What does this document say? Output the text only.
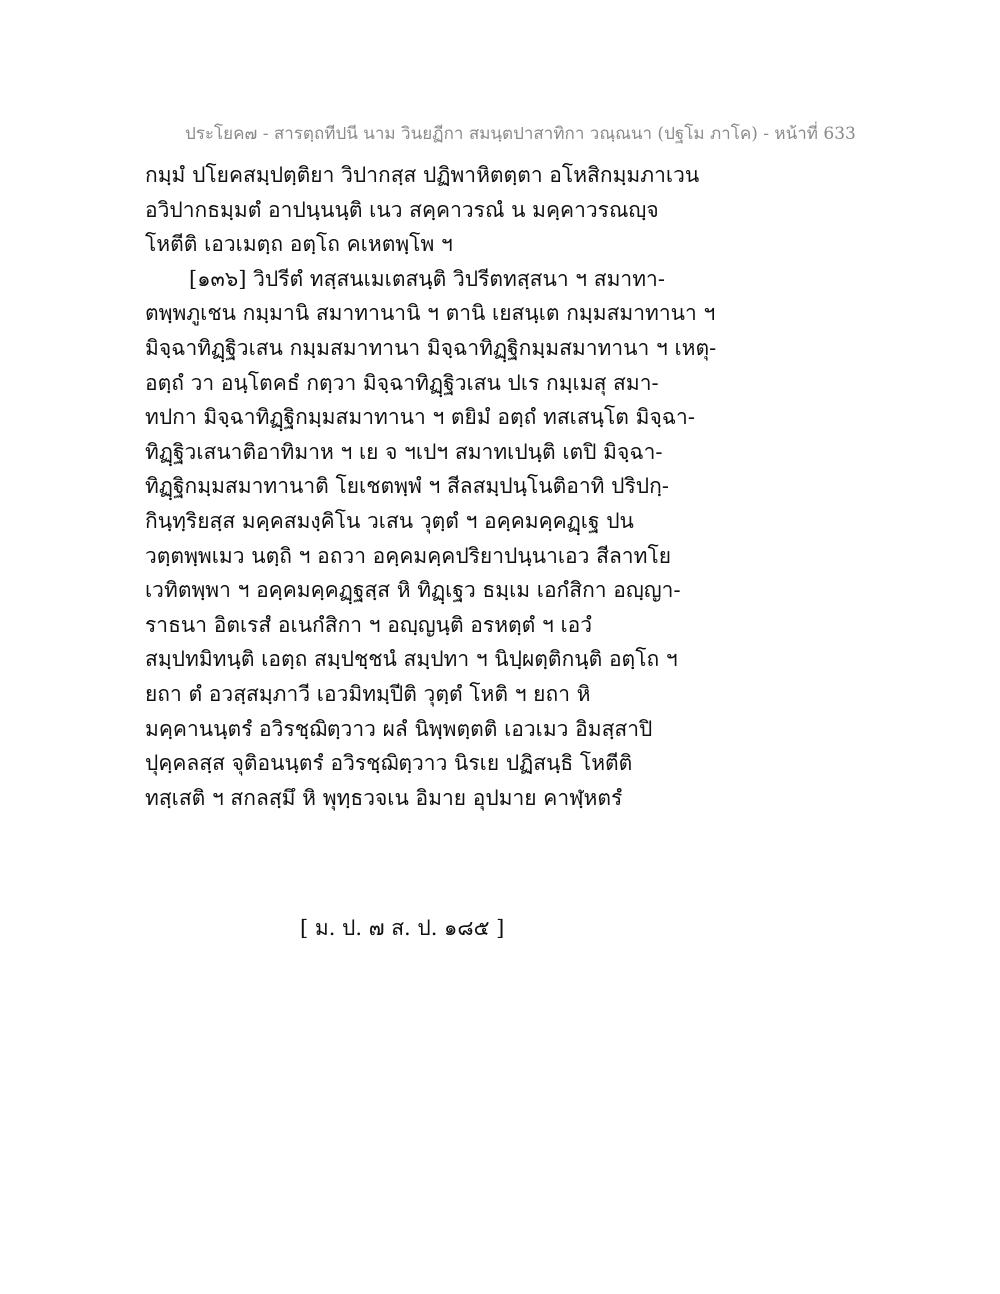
ประโยค๗ - สารตฺถทีปนี นาม วินยฏีกา สมนฺตปาสาทิกา วณฺณนา (ปฐโม ภาโค) - หน้าที่ 633
กมฺมํ ปโยคสมฺปตฺติยา วิปากสฺส ปฏิพาหิตตฺตา อโหสิกมฺมภาเวน
อวิปากธมฺมตํ อาปนฺนนฺติ เนว สคฺคาวรณํ น มคฺคาวรณญฺจ
โหตีติ เอวเมตฺถ อตฺโถ คเหตพฺโพ ฯ
[๑๓๖] วิปรีตํ ทสฺสนเมเตสนฺติ วิปรีตทสฺสนา ฯ สมาทา-
ตพฺพภูเชน กมฺมานิ สมาทานานิ ฯ ตานิ เยสนฺเต กมฺมสมาทานา ฯ
มิจฺฉาทิฏฺฐิวเสน กมฺมสมาทานา มิจฺฉาทิฏฺฐิกมฺมสมาทานา ฯ เหตุ-
อตฺถํ วา อนฺโตคธํ กตฺวา มิจฺฉาทิฏฺฐิวเสน ปเร กมฺเมสุ สมา-
ทปกา มิจฺฉาทิฏฺฐิกมฺมสมาทานา ฯ ตยิมํ อตฺถํ ทสเสนฺโต มิจฺฉา-
ทิฏฺฐิวเสนาติอาทิมาห ฯ เย จ ฯเปฯ สมาทเปนฺติ เตปิ มิจฺฉา-
ทิฏฺฐิกมฺมสมาทานาติ โยเชตพฺพํ ฯ สีลสมฺปนฺโนติอาทิ ปริปกฺ-
กินฺทฺริยสฺส มคฺคสมงฺคิโน วเสน วุตฺตํ ฯ อคฺคมคฺคฏฺเฐ ปน
วตฺตพฺพเมว นตฺถิ ฯ อถวา อคฺคมคฺคปริยาปนฺนาเอว สีลาทโย
เวทิตพฺพา ฯ อคฺคมคฺคฏฺฐสฺส หิ ทิฏฺเฐว ธมฺเม เอกํสิกา อญฺญา-
ราธนา อิตเรสํ อเนกํสิกา ฯ อญฺญนฺติ อรหตฺตํ ฯ เอวํ
สมฺปทมิทนฺติ เอตฺถ สมฺปชฺชนํ สมฺปทา ฯ นิปฺผตฺติกนฺติ อตฺโถ ฯ
ยถา ตํ อวสฺสมฺภาวี เอวมิทมฺปีติ วุตฺตํ โหติ ฯ ยถา หิ
มคฺคานนฺตรํ อวิรชฺฌิตฺวาว ผลํ นิพฺพตฺตติ เอวเมว อิมสฺสาปิ
ปุคฺคลสฺส จุติอนนฺตรํ อวิรชฺฌิตฺวาว นิรเย ปฏิสนฺธิ โหตีติ
ทสฺเสติ ฯ สกลสฺมึ หิ พุทฺธวจเน อิมาย อุปมาย คาฬฺหตรํ
[ ม. ป. ๗ ส. ป. ๑๘๕ ]
